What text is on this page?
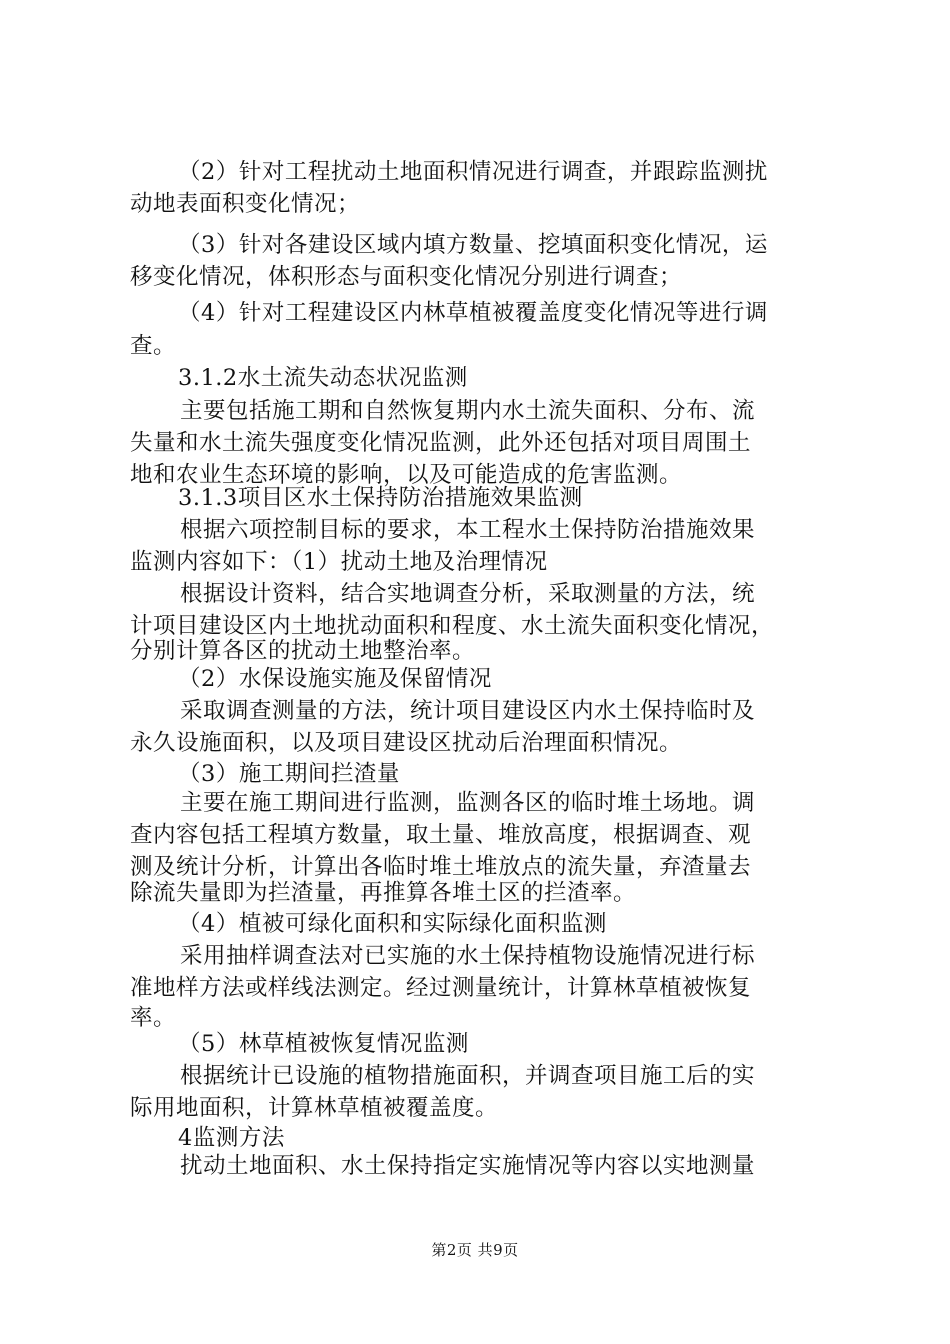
（2）针对工程扰动土地面积情况进行调查，并跟踪监测扰
动地表面积变化情况；
（3）针对各建设区域内填方数量、挖填面积变化情况，运
移变化情况，体积形态与面积变化情况分别进行调查；
（4）针对工程建设区内林草植被覆盖度变化情况等进行调
查。
3.1.2水土流失动态状况监测
主要包括施工期和自然恢复期内水土流失面积、分布、流
失量和水土流失强度变化情况监测，此外还包括对项目周围土
地和农业生态环境的影响，以及可能造成的危害监测。
3.1.3项目区水土保持防治措施效果监测
根据六项控制目标的要求，本工程水土保持防治措施效果
监测内容如下：（1）扰动土地及治理情况
根据设计资料，结合实地调查分析，采取测量的方法，统
计项目建设区内土地扰动面积和程度、水土流失面积变化情况，
分别计算各区的扰动土地整治率。
（2）水保设施实施及保留情况
采取调查测量的方法，统计项目建设区内水土保持临时及
永久设施面积，以及项目建设区扰动后治理面积情况。
（3）施工期间拦渣量
主要在施工期间进行监测，监测各区的临时堆土场地。调
查内容包括工程填方数量，取土量、堆放高度，根据调查、观
测及统计分析，计算出各临时堆土堆放点的流失量，弃渣量去
除流失量即为拦渣量，再推算各堆土区的拦渣率。
（4）植被可绿化面积和实际绿化面积监测
采用抽样调查法对已实施的水土保持植物设施情况进行标
准地样方法或样线法测定。经过测量统计，计算林草植被恢复
率。
（5）林草植被恢复情况监测
根据统计已设施的植物措施面积，并调查项目施工后的实
际用地面积，计算林草植被覆盖度。
4监测方法
扰动土地面积、水土保持指定实施情况等内容以实地测量
第2页 共9页
